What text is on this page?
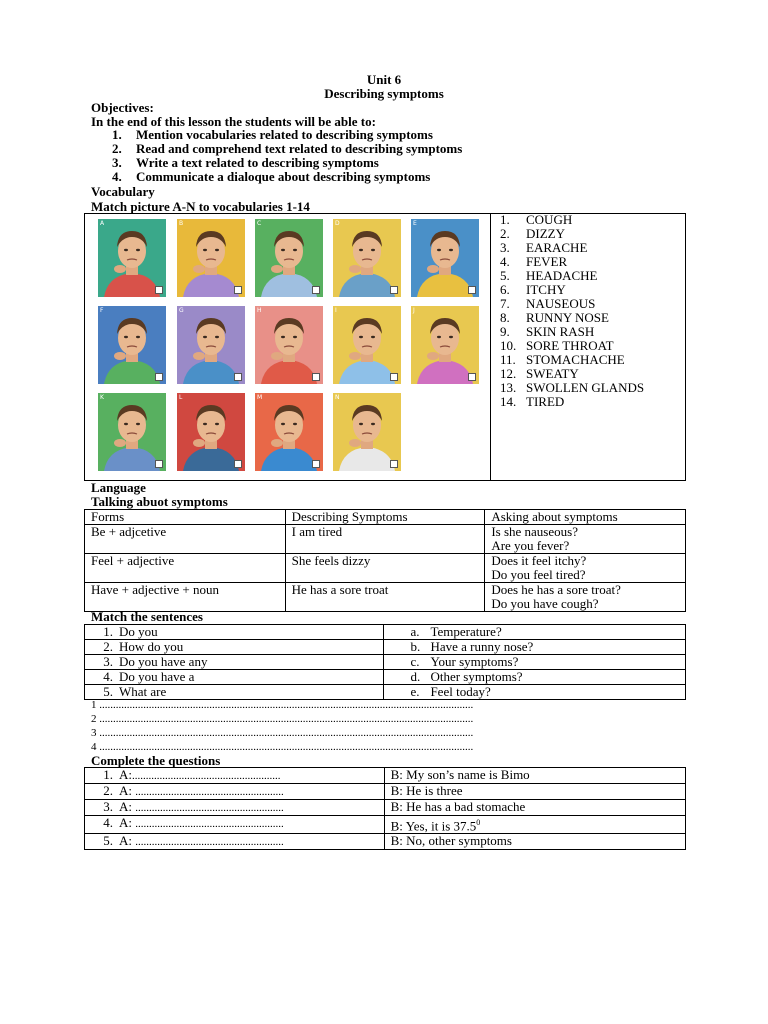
Unit 6
Describing symptoms
Objectives:
In the end of this lesson the students will be able to:
1. Mention vocabularies related to describing symptoms
2. Read and comprehend text related to describing symptoms
3. Write a text related to describing symptoms
4. Communicate a dialoque about describing symptoms
Vocabulary
Match picture A-N to vocabularies 1-14
A	B	C	D	E
F	G	H	I	J
K	L	M	N
1. COUGH
2. DIZZY
3. EARACHE
4. FEVER
5. HEADACHE
6. ITCHY
7. NAUSEOUS
8. RUNNY NOSE
9. SKIN RASH
10. SORE THROAT
11. STOMACHACHE
12. SWEATY
13. SWOLLEN GLANDS
14. TIRED
Language
Talking abuot symptoms
Forms	Describing Symptoms	Asking about symptoms
Be + adjcetive	I am tired	Is she nauseous?
Are you fever?

Feel + adjective	She feels dizzy	Does it feel itchy?
Do you feel tired?

Have + adjective + noun	He has a sore troat	Does he has a sore troat?
Do you have cough?
Match the sentences
1. Do you	a. Temperature?
2. How do you	b. Have a runny nose?
3. Do you have any	c. Your symptoms?
4. Do you have a	d. Other symptoms?
5. What are	e. Feel today?
1 ........................................................................................................................................
2 ........................................................................................................................................
3 ........................................................................................................................................
4 ........................................................................................................................................
Complete the questions
1. A:......................................................	B: My son’s name is Bimo
2. A: ......................................................	B: He is three
3. A: ......................................................	B: He has a bad stomache
4. A: ......................................................	B: Yes, it is 37.5$^0$
5. A: ......................................................	B: No, other symptoms
